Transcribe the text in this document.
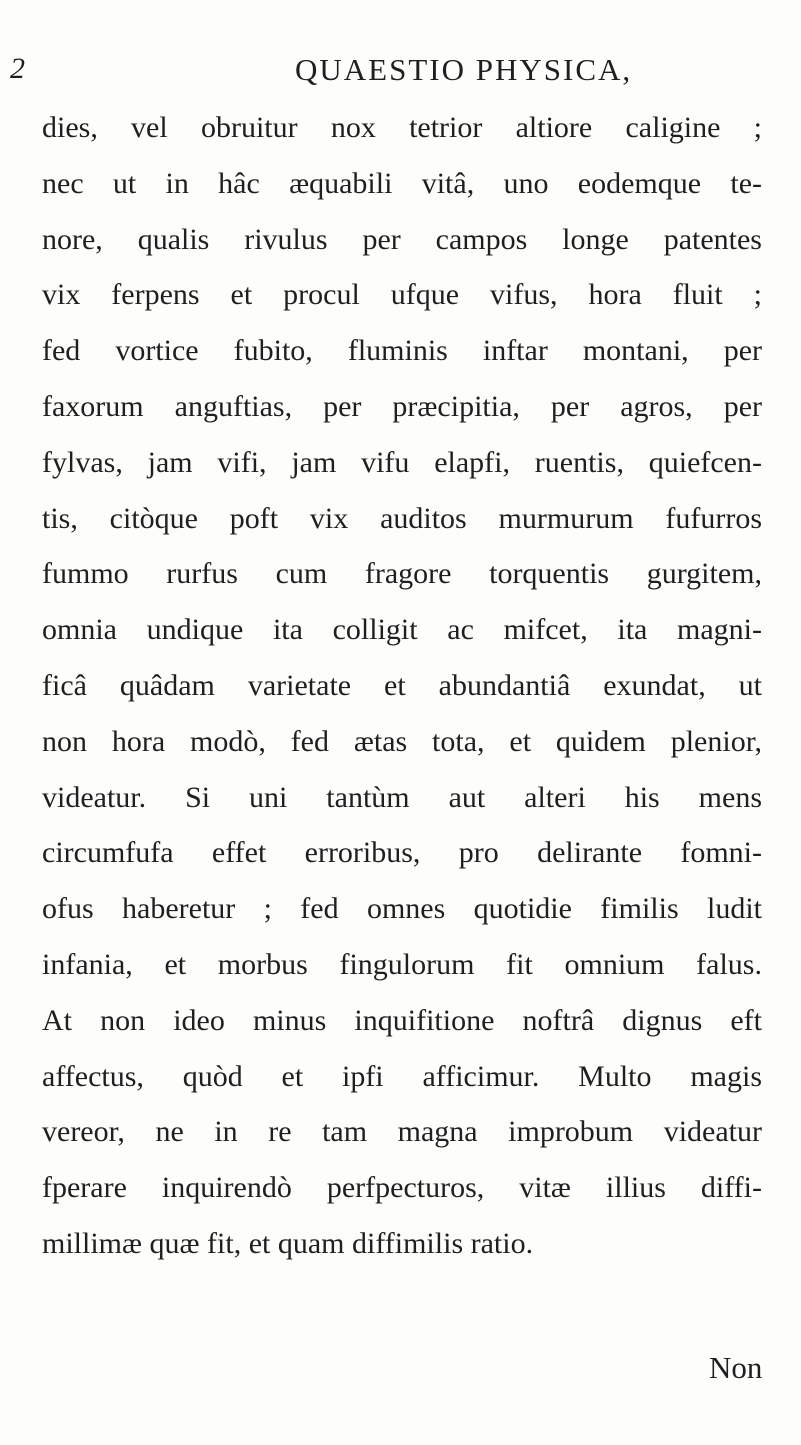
2	QUAESTIO PHYSICA,
dies, vel obruitur nox tetrior altiore caligine ;
nec ut in hâc æquabili vitâ, uno eodemque te-
nore, qualis rivulus per campos longe patentes
vix ferpens et procul ufque vifus, hora fluit ;
fed vortice fubito, fluminis inftar montani, per
faxorum anguftias, per præcipitia, per agros, per
fylvas, jam vifi, jam vifu elapfi, ruentis, quiefcen-
tis, citòque poft vix auditos murmurum fufurros
fummo rurfus cum fragore torquentis gurgitem,
omnia undique ita colligit ac mifcet, ita magni-
ficâ quâdam varietate et abundantiâ exundat, ut
non hora modò, fed ætas tota, et quidem plenior,
videatur. Si uni tantùm aut alteri his mens
circumfufa effet erroribus, pro delirante fomni-
ofus haberetur ; fed omnes quotidie fimilis ludit
infania, et morbus fingulorum fit omnium falus.
At non ideo minus inquifitione noftrâ dignus eft
affectus, quòd et ipfi afficimur. Multo magis
vereor, ne in re tam magna improbum videatur
fperare inquirendò perfpecturos, vitæ illius diffi-
millimæ quæ fit, et quam diffimilis ratio.
Non
